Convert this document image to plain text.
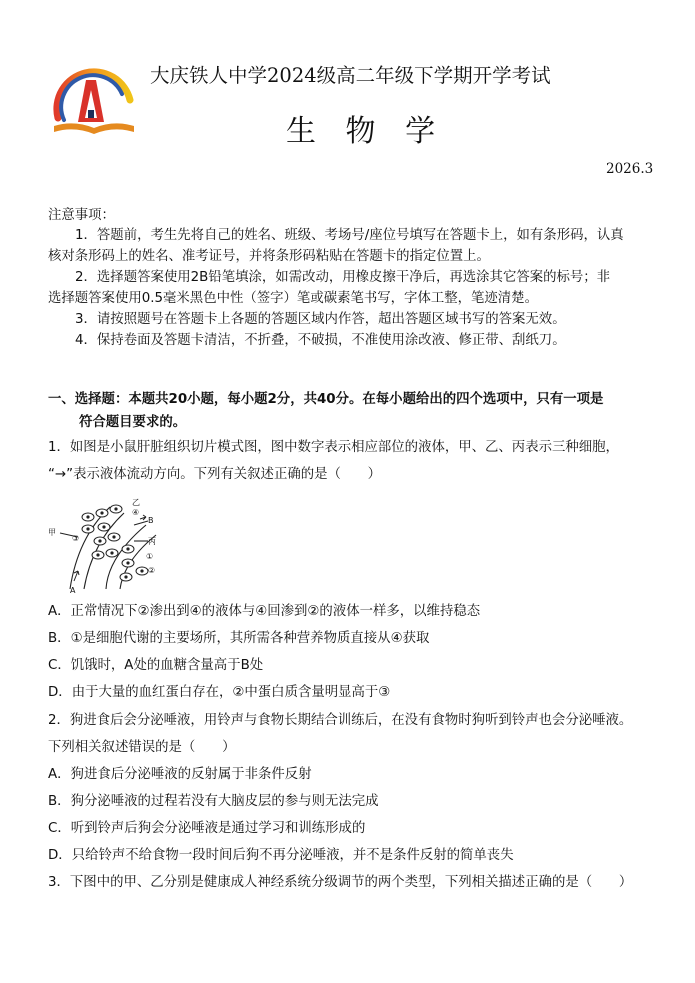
大庆铁人中学2024级高二年级下学期开学考试
生 物 学
2026.3
注意事项：
1．答题前，考生先将自己的姓名、班级、考场号/座位号填写在答题卡上，如有条形码，认真
核对条形码上的姓名、准考证号，并将条形码粘贴在答题卡的指定位置上。
2．选择题答案使用2B铅笔填涂，如需改动，用橡皮擦干净后，再选涂其它答案的标号；非
选择题答案使用0.5毫米黑色中性（签字）笔或碳素笔书写，字体工整，笔迹清楚。
3．请按照题号在答题卡上各题的答题区域内作答，超出答题区域书写的答案无效。
4．保持卷面及答题卡清洁，不折叠，不破损，不准使用涂改液、修正带、刮纸刀。
一、选择题：本题共20小题，每小题2分，共40分。在每小题给出的四个选项中，只有一项是
符合题目要求的。
1．如图是小鼠肝脏组织切片模式图，图中数字表示相应部位的液体，甲、乙、丙表示三种细胞，
“→”表示液体流动方向。下列有关叙述正确的是（　　）
甲
③
乙
④
B
丙
①
②
A
A．正常情况下②渗出到④的液体与④回渗到②的液体一样多，以维持稳态
B．①是细胞代谢的主要场所，其所需各种营养物质直接从④获取
C．饥饿时，A处的血糖含量高于B处
D．由于大量的血红蛋白存在，②中蛋白质含量明显高于③
2．狗进食后会分泌唾液，用铃声与食物长期结合训练后，在没有食物时狗听到铃声也会分泌唾液。
下列相关叙述错误的是（　　）
A．狗进食后分泌唾液的反射属于非条件反射
B．狗分泌唾液的过程若没有大脑皮层的参与则无法完成
C．听到铃声后狗会分泌唾液是通过学习和训练形成的
D．只给铃声不给食物一段时间后狗不再分泌唾液，并不是条件反射的简单丧失
3．下图中的甲、乙分别是健康成人神经系统分级调节的两个类型，下列相关描述正确的是（　　）
